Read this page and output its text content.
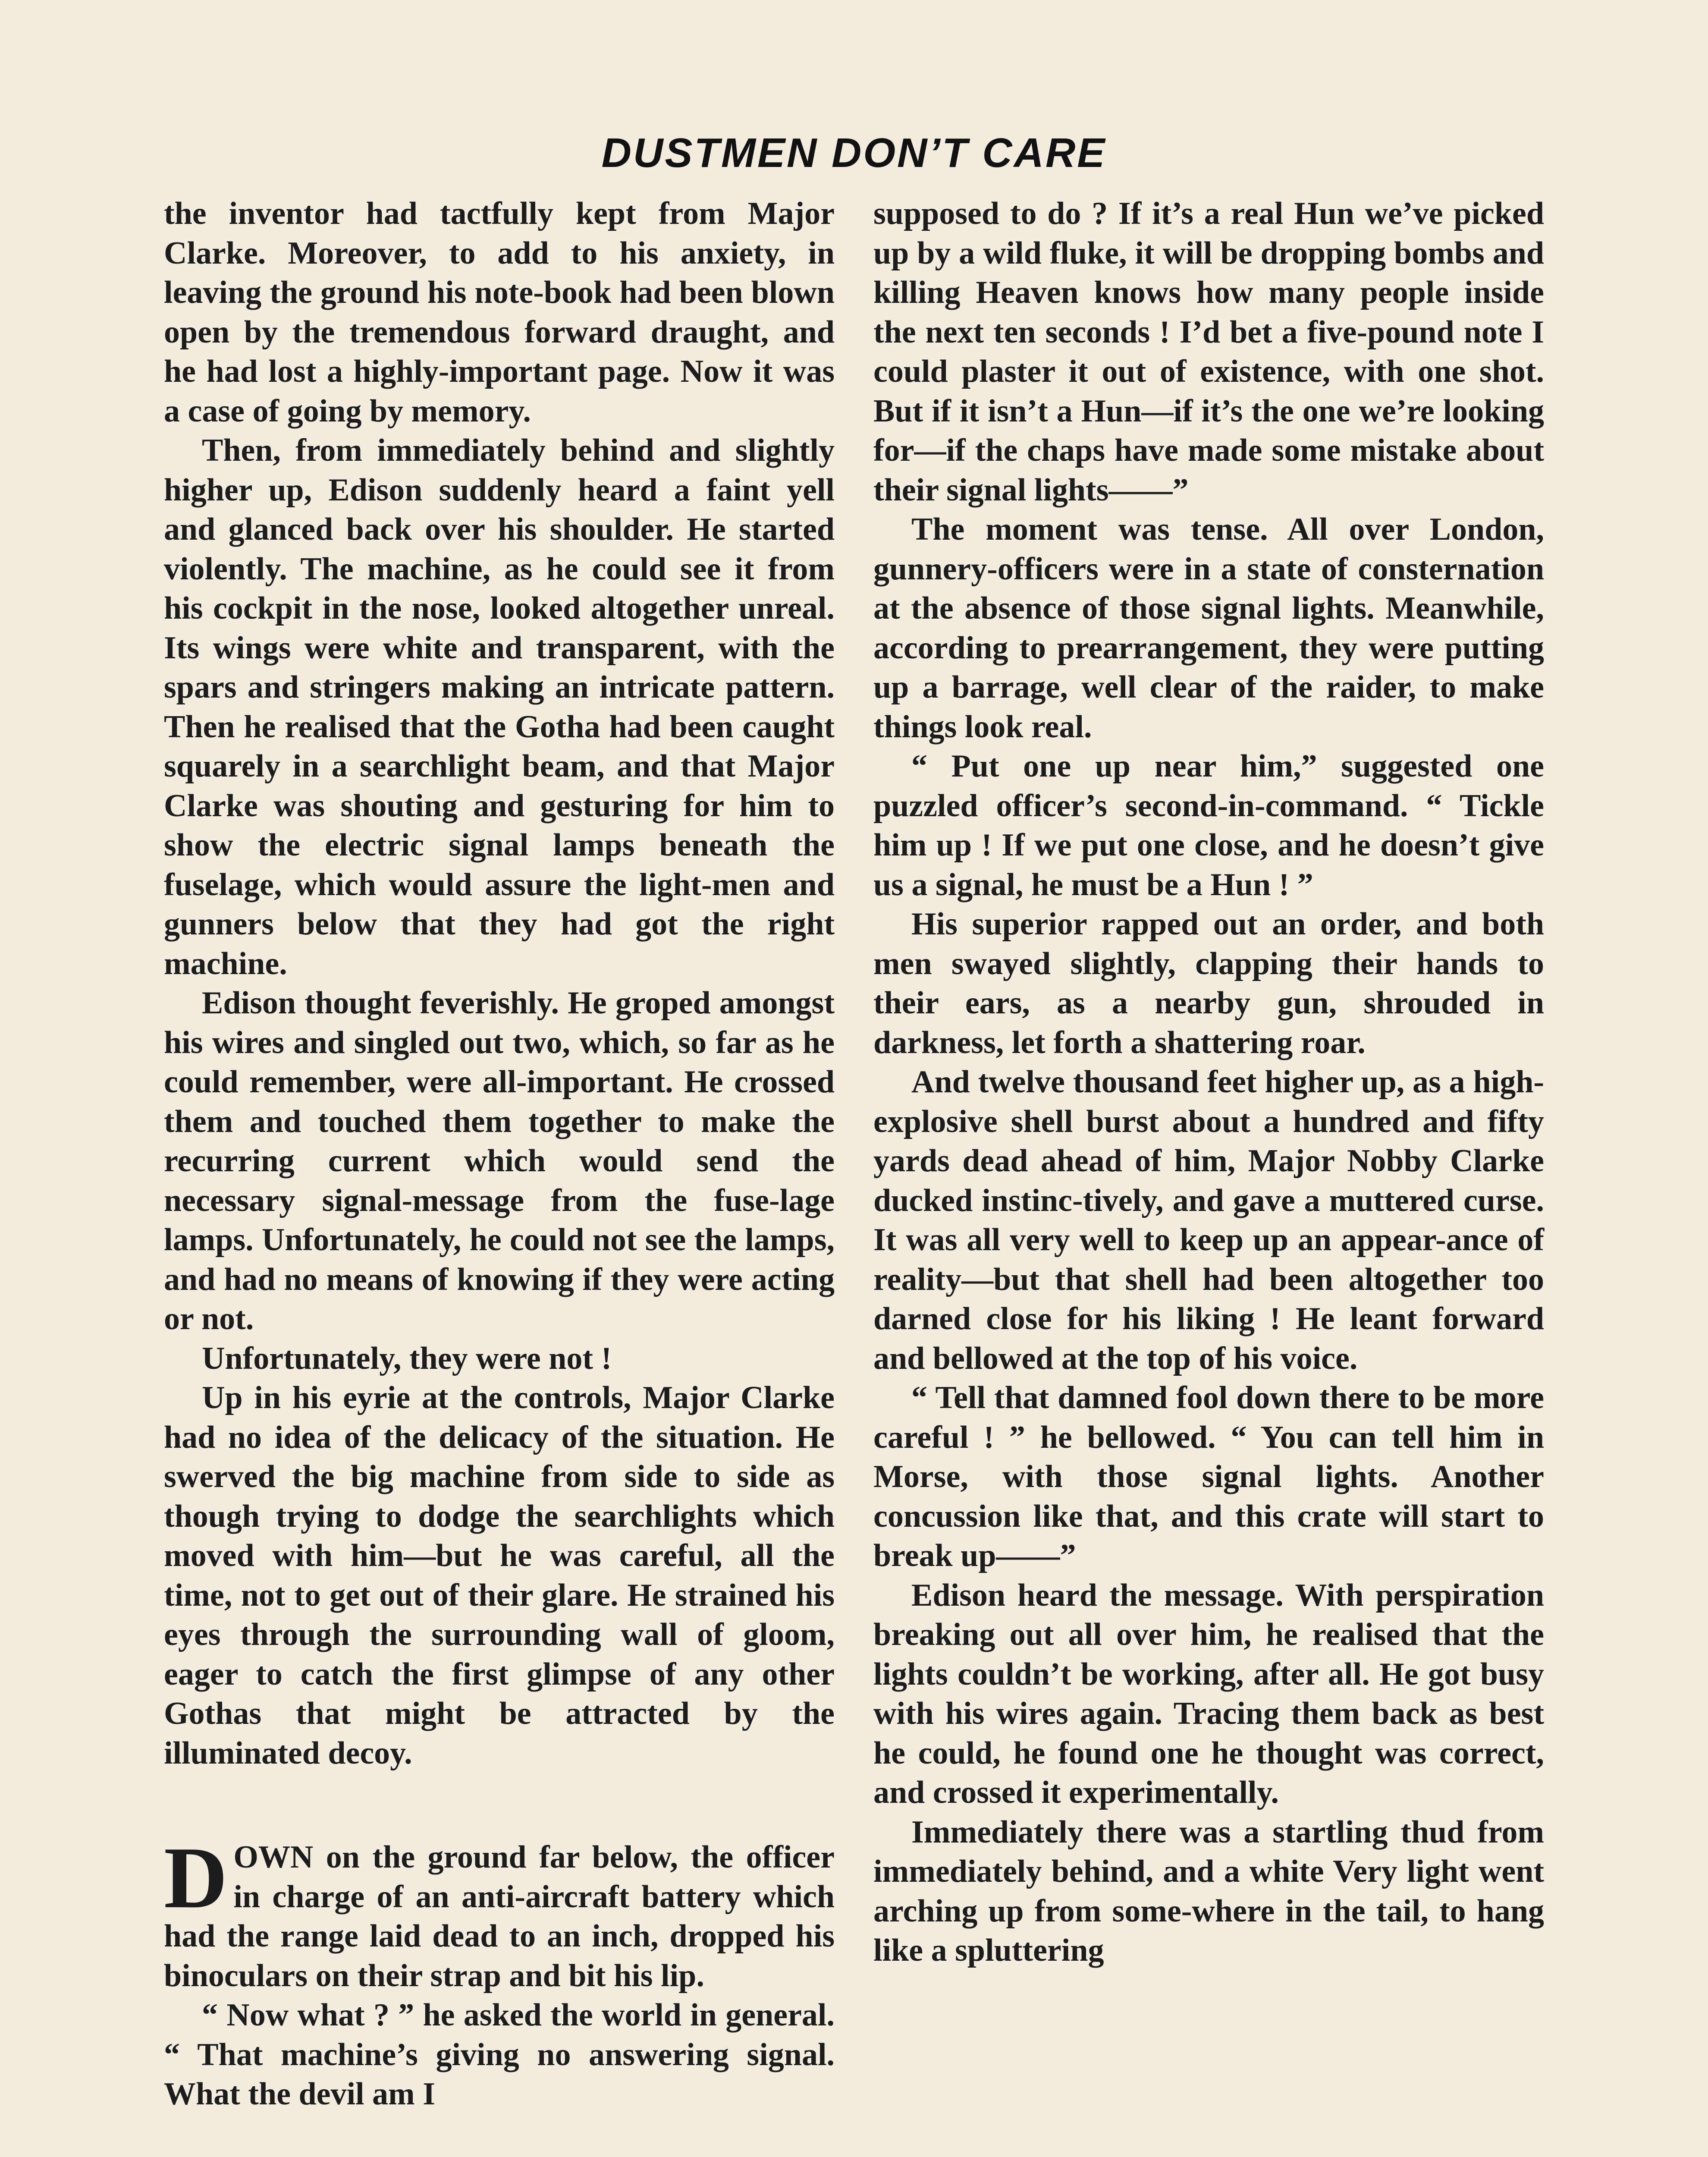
DUSTMEN DON’T CARE

the inventor had tactfully kept from Major Clarke. Moreover, to add to his anxiety, in leaving the ground his note-book had been blown open by the tremendous forward draught, and he had lost a highly-important page. Now it was a case of going by memory.

Then, from immediately behind and slightly higher up, Edison suddenly heard a faint yell and glanced back over his shoulder. He started violently. The machine, as he could see it from his cockpit in the nose, looked altogether unreal. Its wings were white and transparent, with the spars and stringers making an intricate pattern. Then he realised that the Gotha had been caught squarely in a searchlight beam, and that Major Clarke was shouting and gesturing for him to show the electric signal lamps beneath the fuselage, which would assure the light-men and gunners below that they had got the right machine.

Edison thought feverishly. He groped amongst his wires and singled out two, which, so far as he could remember, were all-important. He crossed them and touched them together to make the recurring current which would send the necessary signal-message from the fuse-lage lamps. Unfortunately, he could not see the lamps, and had no means of knowing if they were acting or not.

Unfortunately, they were not !

Up in his eyrie at the controls, Major Clarke had no idea of the delicacy of the situation. He swerved the big machine from side to side as though trying to dodge the searchlights which moved with him—but he was careful, all the time, not to get out of their glare. He strained his eyes through the surrounding wall of gloom, eager to catch the first glimpse of any other Gothas that might be attracted by the illuminated decoy.

DOWN on the ground far below, the officer in charge of an anti-aircraft battery which had the range laid dead to an inch, dropped his binoculars on their strap and bit his lip.

“ Now what ? ” he asked the world in general. “ That machine’s giving no answering signal. What the devil am I

supposed to do ? If it’s a real Hun we’ve picked up by a wild fluke, it will be dropping bombs and killing Heaven knows how many people inside the next ten seconds ! I’d bet a five-pound note I could plaster it out of existence, with one shot. But if it isn’t a Hun—if it’s the one we’re looking for—if the chaps have made some mistake about their signal lights——”

The moment was tense. All over London, gunnery-officers were in a state of consternation at the absence of those signal lights. Meanwhile, according to prearrangement, they were putting up a barrage, well clear of the raider, to make things look real.

“ Put one up near him,” suggested one puzzled officer’s second-in-command. “ Tickle him up ! If we put one close, and he doesn’t give us a signal, he must be a Hun ! ”

His superior rapped out an order, and both men swayed slightly, clapping their hands to their ears, as a nearby gun, shrouded in darkness, let forth a shattering roar.

And twelve thousand feet higher up, as a high-explosive shell burst about a hundred and fifty yards dead ahead of him, Major Nobby Clarke ducked instinc-tively, and gave a muttered curse. It was all very well to keep up an appear-ance of reality—but that shell had been altogether too darned close for his liking ! He leant forward and bellowed at the top of his voice.

“ Tell that damned fool down there to be more careful ! ” he bellowed. “ You can tell him in Morse, with those signal lights. Another concussion like that, and this crate will start to break up——”

Edison heard the message. With perspiration breaking out all over him, he realised that the lights couldn’t be working, after all. He got busy with his wires again. Tracing them back as best he could, he found one he thought was correct, and crossed it experimentally.

Immediately there was a startling thud from immediately behind, and a white Very light went arching up from some-where in the tail, to hang like a spluttering
